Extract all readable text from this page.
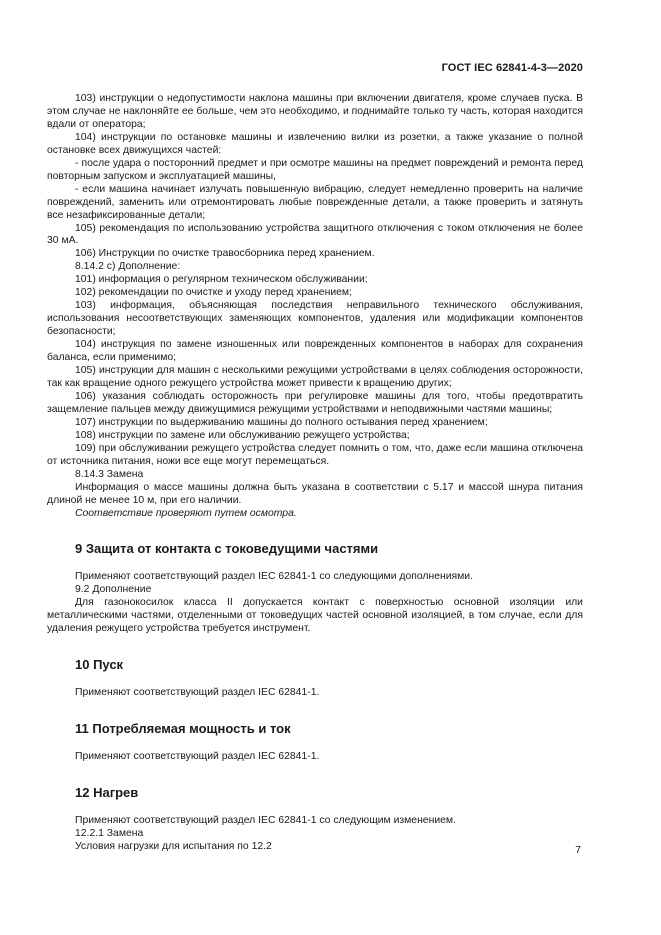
ГОСТ IEC 62841-4-3—2020

103) инструкции о недопустимости наклона машины при включении двигателя, кроме случаев пуска. В этом случае не наклоняйте ее больше, чем это необходимо, и поднимайте только ту часть, которая находится вдали от оператора;

104) инструкции по остановке машины и извлечению вилки из розетки, а также указание о полной остановке всех движущихся частей:

- после удара о посторонний предмет и при осмотре машины на предмет повреждений и ремонта перед повторным запуском и эксплуатацией машины,

- если машина начинает излучать повышенную вибрацию, следует немедленно проверить на наличие повреждений, заменить или отремонтировать любые поврежденные детали, а также проверить и затянуть все незафиксированные детали;

105) рекомендация по использованию устройства защитного отключения с током отключения не более 30 мА.

106) Инструкции по очистке травосборника перед хранением.

8.14.2 c) Дополнение:

101) информация о регулярном техническом обслуживании;

102) рекомендации по очистке и уходу перед хранением;

103) информация, объясняющая последствия неправильного технического обслуживания, использования несоответствующих заменяющих компонентов, удаления или модификации компонентов безопасности;

104) инструкция по замене изношенных или поврежденных компонентов в наборах для сохранения баланса, если применимо;

105) инструкции для машин с несколькими режущими устройствами в целях соблюдения осторожности, так как вращение одного режущего устройства может привести к вращению других;

106) указания соблюдать осторожность при регулировке машины для того, чтобы предотвратить защемление пальцев между движущимися режущими устройствами и неподвижными частями машины;

107) инструкции по выдерживанию машины до полного остывания перед хранением;

108) инструкции по замене или обслуживанию режущего устройства;

109) при обслуживании режущего устройства следует помнить о том, что, даже если машина отключена от источника питания, ножи все еще могут перемещаться.

8.14.3 Замена

Информация о массе машины должна быть указана в соответствии с 5.17 и массой шнура питания длиной не менее 10 м, при его наличии.

Соответствие проверяют путем осмотра.

9 Защита от контакта с токоведущими частями

Применяют соответствующий раздел IEC 62841-1 со следующими дополнениями.

9.2 Дополнение

Для газонокосилок класса II допускается контакт с поверхностью основной изоляции или металлическими частями, отделенными от токоведущих частей основной изоляцией, в том случае, если для удаления режущего устройства требуется инструмент.

10 Пуск

Применяют соответствующий раздел IEC 62841-1.

11 Потребляемая мощность и ток

Применяют соответствующий раздел IEC 62841-1.

12 Нагрев

Применяют соответствующий раздел IEC 62841-1 со следующим изменением.

12.2.1 Замена

Условия нагрузки для испытания по 12.2	7
